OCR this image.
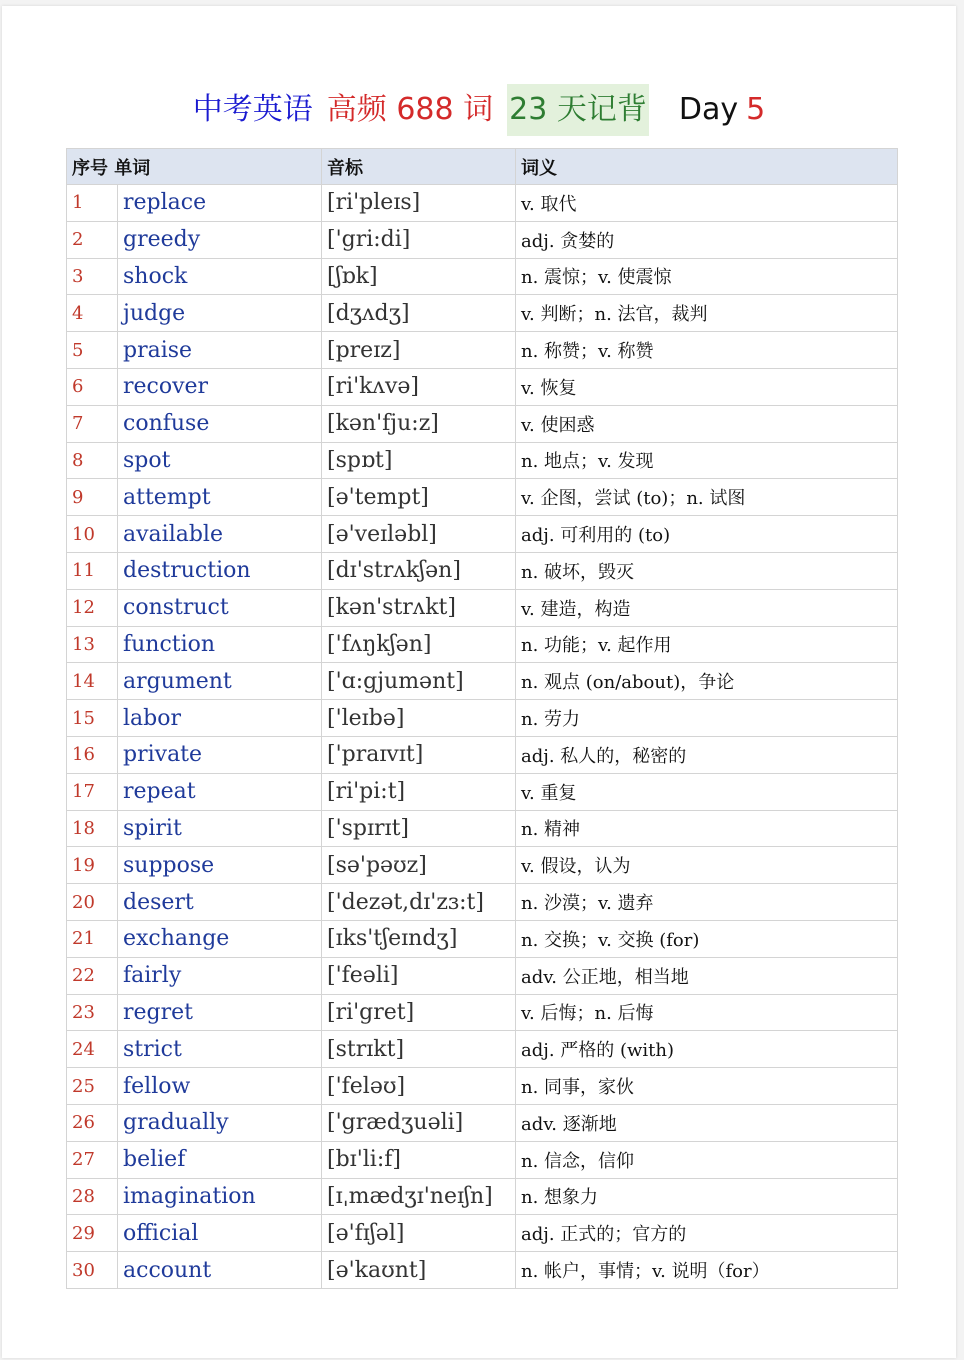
中考英语 高频 688 词 23 天记背 Day 5
序号 单词		音标	词义
1	replace	[ri'pleɪs]	v. 取代
2	greedy	['gri:di]	adj. 贪婪的
3	shock	[ʃɒk]	n. 震惊；v. 使震惊
4	judge	[dʒʌdʒ]	v. 判断；n. 法官，裁判
5	praise	[preɪz]	n. 称赞；v. 称赞
6	recover	[ri'kʌvə]	v. 恢复
7	confuse	[kən'fju:z]	v. 使困惑
8	spot	[spɒt]	n. 地点；v. 发现
9	attempt	[ə'tempt]	v. 企图，尝试 (to)；n. 试图
10	available	[ə'veɪləbl]	adj. 可利用的 (to)
11	destruction	[dɪ'strʌkʃən]	n. 破坏，毁灭
12	construct	[kən'strʌkt]	v. 建造，构造
13	function	['fʌŋkʃən]	n. 功能；v. 起作用
14	argument	['ɑ:gjumənt]	n. 观点 (on/about)，争论
15	labor	['leɪbə]	n. 劳力
16	private	['praɪvɪt]	adj. 私人的，秘密的
17	repeat	[ri'pi:t]	v. 重复
18	spirit	['spɪrɪt]	n. 精神
19	suppose	[sə'pəʊz]	v. 假设，认为
20	desert	['dezət,dɪ'zɜ:t]	n. 沙漠；v. 遗弃
21	exchange	[ɪks'tʃeɪndʒ]	n. 交换；v. 交换 (for)
22	fairly	['feəli]	adv. 公正地，相当地
23	regret	[ri'gret]	v. 后悔；n. 后悔
24	strict	[strɪkt]	adj. 严格的 (with)
25	fellow	['feləʊ]	n. 同事，家伙
26	gradually	['grædʒuəli]	adv. 逐渐地
27	belief	[bɪ'li:f]	n. 信念，信仰
28	imagination	[ɪˌmædʒɪ'neɪʃn]	n. 想象力
29	official	[ə'fɪʃəl]	adj. 正式的；官方的
30	account	[ə'kaʊnt]	n. 帐户，事情；v. 说明（for）
